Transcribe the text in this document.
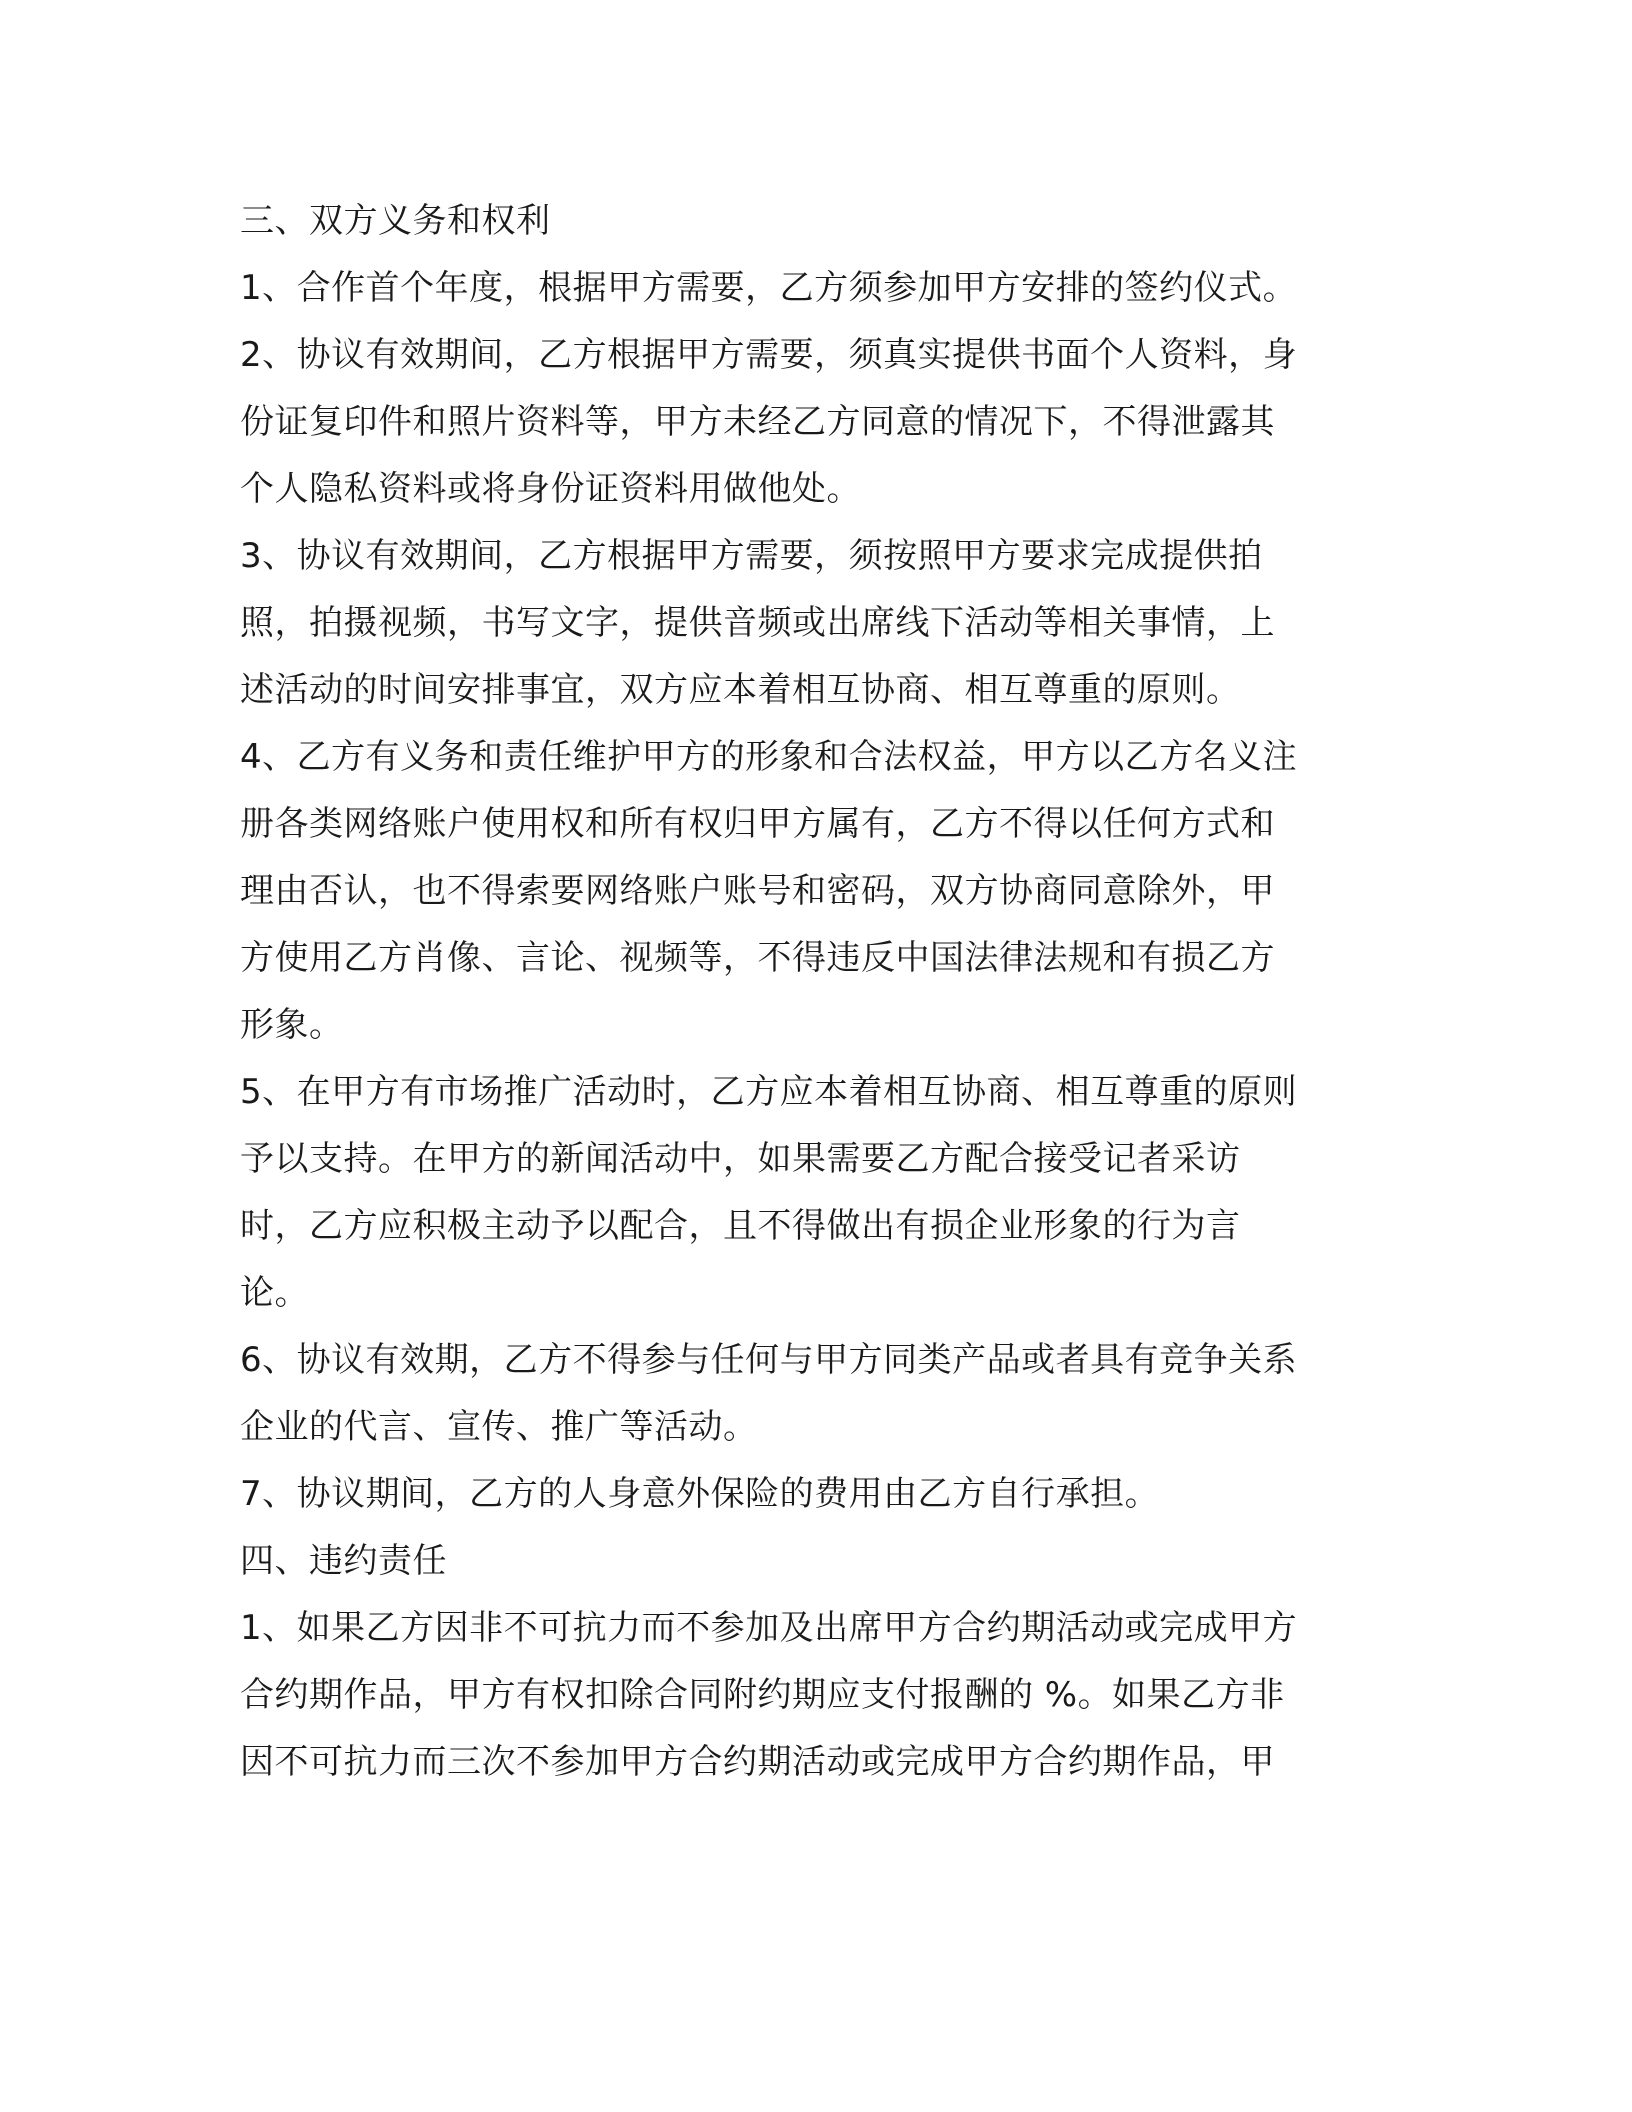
三、双方义务和权利
1、合作首个年度，根据甲方需要，乙方须参加甲方安排的签约仪式。
2、协议有效期间，乙方根据甲方需要，须真实提供书面个人资料，身
份证复印件和照片资料等，甲方未经乙方同意的情况下，不得泄露其
个人隐私资料或将身份证资料用做他处。
3、协议有效期间，乙方根据甲方需要，须按照甲方要求完成提供拍
照，拍摄视频，书写文字，提供音频或出席线下活动等相关事情，上
述活动的时间安排事宜，双方应本着相互协商、相互尊重的原则。
4、乙方有义务和责任维护甲方的形象和合法权益，甲方以乙方名义注
册各类网络账户使用权和所有权归甲方属有，乙方不得以任何方式和
理由否认，也不得索要网络账户账号和密码，双方协商同意除外，甲
方使用乙方肖像、言论、视频等，不得违反中国法律法规和有损乙方
形象。
5、在甲方有市场推广活动时，乙方应本着相互协商、相互尊重的原则
予以支持。在甲方的新闻活动中，如果需要乙方配合接受记者采访
时，乙方应积极主动予以配合，且不得做出有损企业形象的行为言
论。
6、协议有效期，乙方不得参与任何与甲方同类产品或者具有竞争关系
企业的代言、宣传、推广等活动。
7、协议期间，乙方的人身意外保险的费用由乙方自行承担。
四、违约责任
1、如果乙方因非不可抗力而不参加及出席甲方合约期活动或完成甲方
合约期作品，甲方有权扣除合同附约期应支付报酬的 %。如果乙方非
因不可抗力而三次不参加甲方合约期活动或完成甲方合约期作品，甲
